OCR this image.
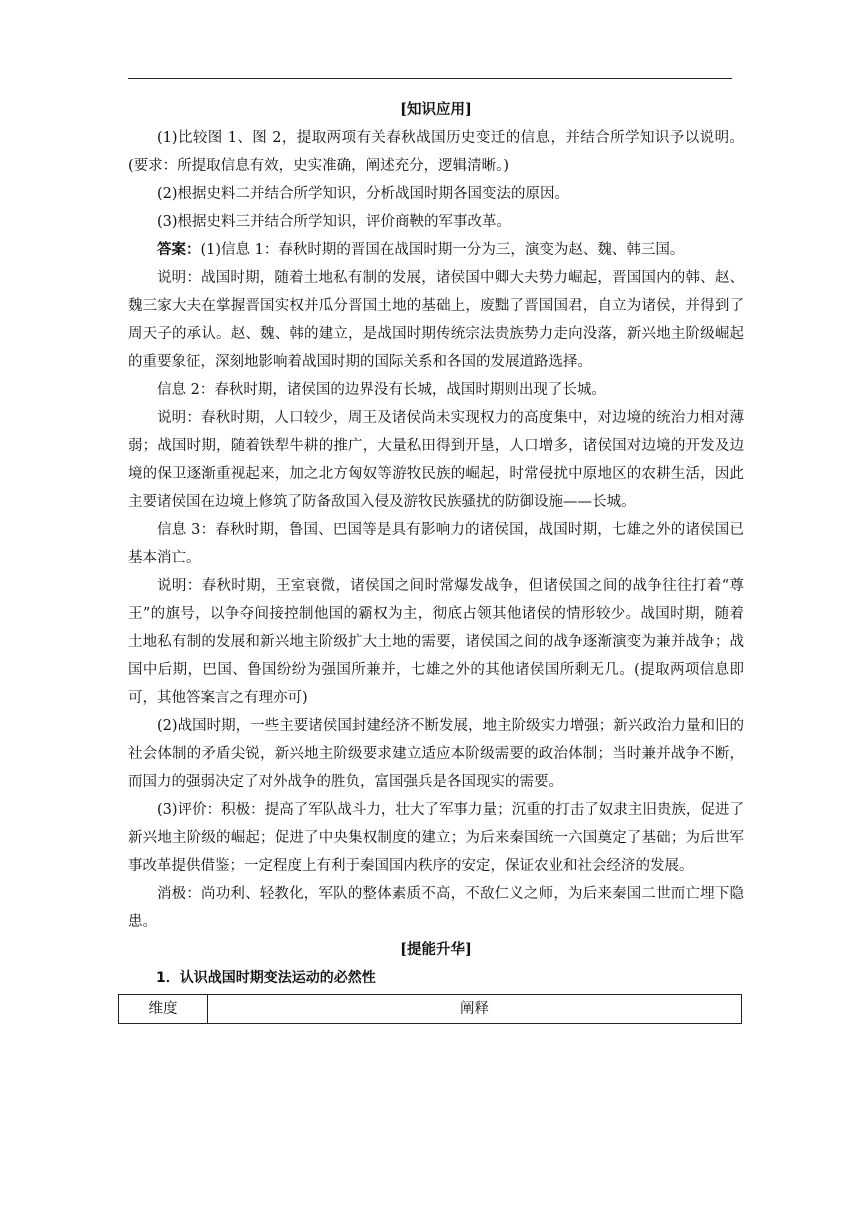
[知识应用]

(1)比较图 1、图 2，提取两项有关春秋战国历史变迁的信息，并结合所学知识予以说明。(要求：所提取信息有效，史实准确，阐述充分，逻辑清晰。)

(2)根据史料二并结合所学知识，分析战国时期各国变法的原因。

(3)根据史料三并结合所学知识，评价商鞅的军事改革。

答案：(1)信息 1：春秋时期的晋国在战国时期一分为三，演变为赵、魏、韩三国。

说明：战国时期，随着土地私有制的发展，诸侯国中卿大夫势力崛起，晋国国内的韩、赵、魏三家大夫在掌握晋国实权并瓜分晋国土地的基础上，废黜了晋国国君，自立为诸侯，并得到了周天子的承认。赵、魏、韩的建立，是战国时期传统宗法贵族势力走向没落，新兴地主阶级崛起的重要象征，深刻地影响着战国时期的国际关系和各国的发展道路选择。

信息 2：春秋时期，诸侯国的边界没有长城，战国时期则出现了长城。

说明：春秋时期，人口较少，周王及诸侯尚未实现权力的高度集中，对边境的统治力相对薄弱；战国时期，随着铁犁牛耕的推广，大量私田得到开垦，人口增多，诸侯国对边境的开发及边境的保卫逐渐重视起来，加之北方匈奴等游牧民族的崛起，时常侵扰中原地区的农耕生活，因此主要诸侯国在边境上修筑了防备敌国入侵及游牧民族骚扰的防御设施——长城。

信息 3：春秋时期，鲁国、巴国等是具有影响力的诸侯国，战国时期，七雄之外的诸侯国已基本消亡。

说明：春秋时期，王室衰微，诸侯国之间时常爆发战争，但诸侯国之间的战争往往打着“尊王”的旗号，以争夺间接控制他国的霸权为主，彻底占领其他诸侯的情形较少。战国时期，随着土地私有制的发展和新兴地主阶级扩大土地的需要，诸侯国之间的战争逐渐演变为兼并战争；战国中后期，巴国、鲁国纷纷为强国所兼并，七雄之外的其他诸侯国所剩无几。(提取两项信息即可，其他答案言之有理亦可)

(2)战国时期，一些主要诸侯国封建经济不断发展，地主阶级实力增强；新兴政治力量和旧的社会体制的矛盾尖锐，新兴地主阶级要求建立适应本阶级需要的政治体制；当时兼并战争不断，而国力的强弱决定了对外战争的胜负，富国强兵是各国现实的需要。

(3)评价：积极：提高了军队战斗力，壮大了军事力量；沉重的打击了奴隶主旧贵族，促进了新兴地主阶级的崛起；促进了中央集权制度的建立；为后来秦国统一六国奠定了基础；为后世军事改革提供借鉴；一定程度上有利于秦国国内秩序的安定，保证农业和社会经济的发展。

消极：尚功利、轻教化，军队的整体素质不高，不敌仁义之师，为后来秦国二世而亡埋下隐患。

[提能升华]

1．认识战国时期变法运动的必然性

维度	阐释
